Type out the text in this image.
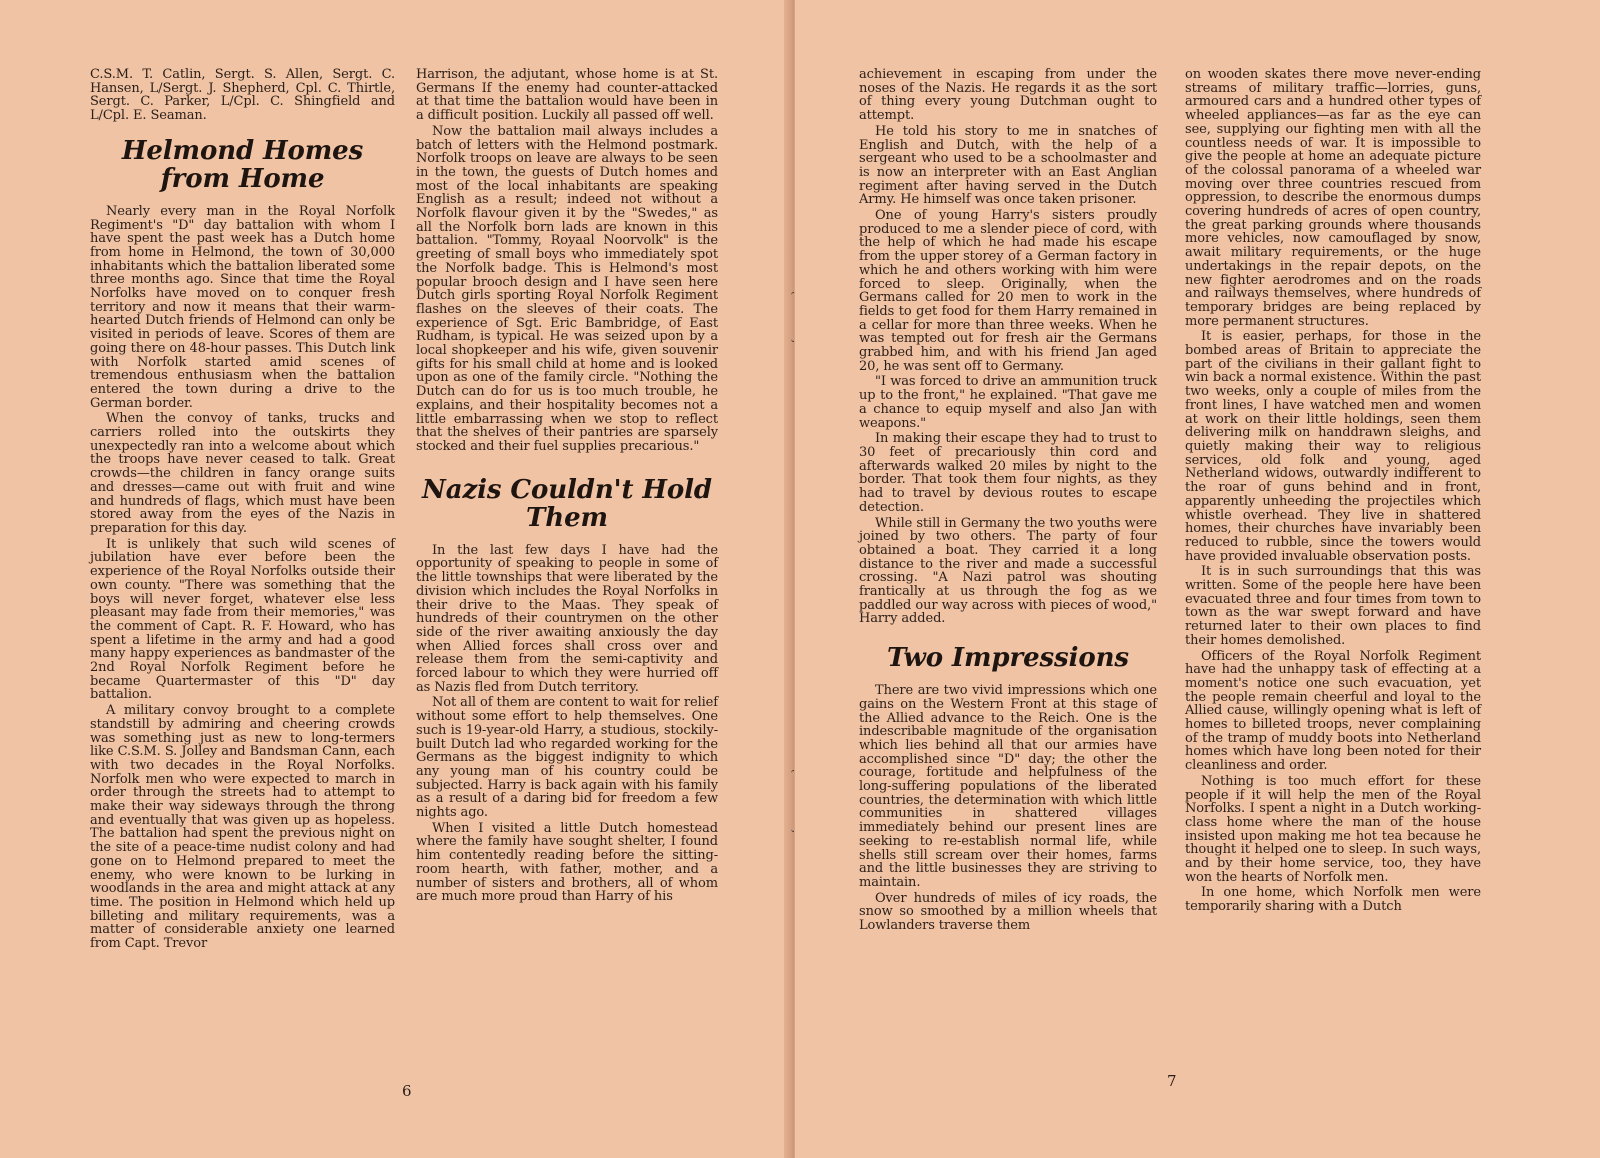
C.S.M. T. Catlin, Sergt. S. Allen, Sergt. C. Hansen, L/Sergt. J. Shepherd, Cpl. C. Thirtle, Sergt. C. Parker, L/Cpl. C. Shingfield and L/Cpl. E. Seaman.

Helmond Homes from Home

Nearly every man in the Royal Norfolk Regiment's "D" day battalion with whom I have spent the past week has a Dutch home from home in Helmond, the town of 30,000 inhabitants which the battalion liberated some three months ago. Since that time the Royal Norfolks have moved on to conquer fresh territory and now it means that their warm-hearted Dutch friends of Helmond can only be visited in periods of leave. Scores of them are going there on 48-hour passes. This Dutch link with Norfolk started amid scenes of tremendous enthusiasm when the battalion entered the town during a drive to the German border.

When the convoy of tanks, trucks and carriers rolled into the outskirts they unexpectedly ran into a welcome about which the troops have never ceased to talk. Great crowds—the children in fancy orange suits and dresses—came out with fruit and wine and hundreds of flags, which must have been stored away from the eyes of the Nazis in preparation for this day.

It is unlikely that such wild scenes of jubilation have ever before been the experience of the Royal Norfolks outside their own county. "There was something that the boys will never forget, whatever else less pleasant may fade from their memories," was the comment of Capt. R. F. Howard, who has spent a lifetime in the army and had a good many happy experiences as bandmaster of the 2nd Royal Norfolk Regiment before he became Quartermaster of this "D" day battalion.

A military convoy brought to a complete standstill by admiring and cheering crowds was something just as new to long-termers like C.S.M. S. Jolley and Bandsman Cann, each with two decades in the Royal Norfolks. Norfolk men who were expected to march in order through the streets had to attempt to make their way sideways through the throng and eventually that was given up as hopeless. The battalion had spent the previous night on the site of a peace-time nudist colony and had gone on to Helmond prepared to meet the enemy, who were known to be lurking in woodlands in the area and might attack at any time. The position in Helmond which held up billeting and military requirements, was a matter of considerable anxiety one learned from Capt. Trevor

Harrison, the adjutant, whose home is at St. Germans If the enemy had counter-attacked at that time the battalion would have been in a difficult position. Luckily all passed off well.

Now the battalion mail always includes a batch of letters with the Helmond postmark. Norfolk troops on leave are always to be seen in the town, the guests of Dutch homes and most of the local inhabitants are speaking English as a result; indeed not without a Norfolk flavour given it by the "Swedes," as all the Norfolk born lads are known in this battalion. "Tommy, Royaal Noorvolk" is the greeting of small boys who immediately spot the Norfolk badge. This is Helmond's most popular brooch design and I have seen here Dutch girls sporting Royal Norfolk Regiment flashes on the sleeves of their coats. The experience of Sgt. Eric Bambridge, of East Rudham, is typical. He was seized upon by a local shopkeeper and his wife, given souvenir gifts for his small child at home and is looked upon as one of the family circle. "Nothing the Dutch can do for us is too much trouble, he explains, and their hospitality becomes not a little embarrassing when we stop to reflect that the shelves of their pantries are sparsely stocked and their fuel supplies precarious."

Nazis Couldn't Hold Them

In the last few days I have had the opportunity of speaking to people in some of the little townships that were liberated by the division which includes the Royal Norfolks in their drive to the Maas. They speak of hundreds of their countrymen on the other side of the river awaiting anxiously the day when Allied forces shall cross over and release them from the semi-captivity and forced labour to which they were hurried off as Nazis fled from Dutch territory.

Not all of them are content to wait for relief without some effort to help themselves. One such is 19-year-old Harry, a studious, stockily-built Dutch lad who regarded working for the Germans as the biggest indignity to which any young man of his country could be subjected. Harry is back again with his family as a result of a daring bid for freedom a few nights ago.

When I visited a little Dutch homestead where the family have sought shelter, I found him contentedly reading before the sitting-room hearth, with father, mother, and a number of sisters and brothers, all of whom are much more proud than Harry of his

6

achievement in escaping from under the noses of the Nazis. He regards it as the sort of thing every young Dutchman ought to attempt.

He told his story to me in snatches of English and Dutch, with the help of a sergeant who used to be a schoolmaster and is now an interpreter with an East Anglian regiment after having served in the Dutch Army. He himself was once taken prisoner.

One of young Harry's sisters proudly produced to me a slender piece of cord, with the help of which he had made his escape from the upper storey of a German factory in which he and others working with him were forced to sleep. Originally, when the Germans called for 20 men to work in the fields to get food for them Harry remained in a cellar for more than three weeks. When he was tempted out for fresh air the Germans grabbed him, and with his friend Jan aged 20, he was sent off to Germany.

"I was forced to drive an ammunition truck up to the front," he explained. "That gave me a chance to equip myself and also Jan with weapons."

In making their escape they had to trust to 30 feet of precariously thin cord and afterwards walked 20 miles by night to the border. That took them four nights, as they had to travel by devious routes to escape detection.

While still in Germany the two youths were joined by two others. The party of four obtained a boat. They carried it a long distance to the river and made a successful crossing. "A Nazi patrol was shouting frantically at us through the fog as we paddled our way across with pieces of wood," Harry added.

Two Impressions

There are two vivid impressions which one gains on the Western Front at this stage of the Allied advance to the Reich. One is the indescribable magnitude of the organisation which lies behind all that our armies have accomplished since "D" day; the other the courage, fortitude and helpfulness of the long-suffering populations of the liberated countries, the determination with which little communities in shattered villages immediately behind our present lines are seeking to re-establish normal life, while shells still scream over their homes, farms and the little businesses they are striving to maintain.

Over hundreds of miles of icy roads, the snow so smoothed by a million wheels that Lowlanders traverse them

on wooden skates there move never-ending streams of military traffic—lorries, guns, armoured cars and a hundred other types of wheeled appliances—as far as the eye can see, supplying our fighting men with all the countless needs of war. It is impossible to give the people at home an adequate picture of the colossal panorama of a wheeled war moving over three countries rescued from oppression, to describe the enormous dumps covering hundreds of acres of open country, the great parking grounds where thousands more vehicles, now camouflaged by snow, await military requirements, or the huge undertakings in the repair depots, on the new fighter aerodromes and on the roads and railways themselves, where hundreds of temporary bridges are being replaced by more permanent structures.

It is easier, perhaps, for those in the bombed areas of Britain to appreciate the part of the civilians in their gallant fight to win back a normal existence. Within the past two weeks, only a couple of miles from the front lines, I have watched men and women at work on their little holdings, seen them delivering milk on handdrawn sleighs, and quietly making their way to religious services, old folk and young, aged Netherland widows, outwardly indifferent to the roar of guns behind and in front, apparently unheeding the projectiles which whistle overhead. They live in shattered homes, their churches have invariably been reduced to rubble, since the towers would have provided invaluable observation posts.

It is in such surroundings that this was written. Some of the people here have been evacuated three and four times from town to town as the war swept forward and have returned later to their own places to find their homes demolished.

Officers of the Royal Norfolk Regiment have had the unhappy task of effecting at a moment's notice one such evacuation, yet the people remain cheerful and loyal to the Allied cause, willingly opening what is left of homes to billeted troops, never complaining of the tramp of muddy boots into Netherland homes which have long been noted for their cleanliness and order.

Nothing is too much effort for these people if it will help the men of the Royal Norfolks. I spent a night in a Dutch working-class home where the man of the house insisted upon making me hot tea because he thought it helped one to sleep. In such ways, and by their home service, too, they have won the hearts of Norfolk men.

In one home, which Norfolk men were temporarily sharing with a Dutch

7
